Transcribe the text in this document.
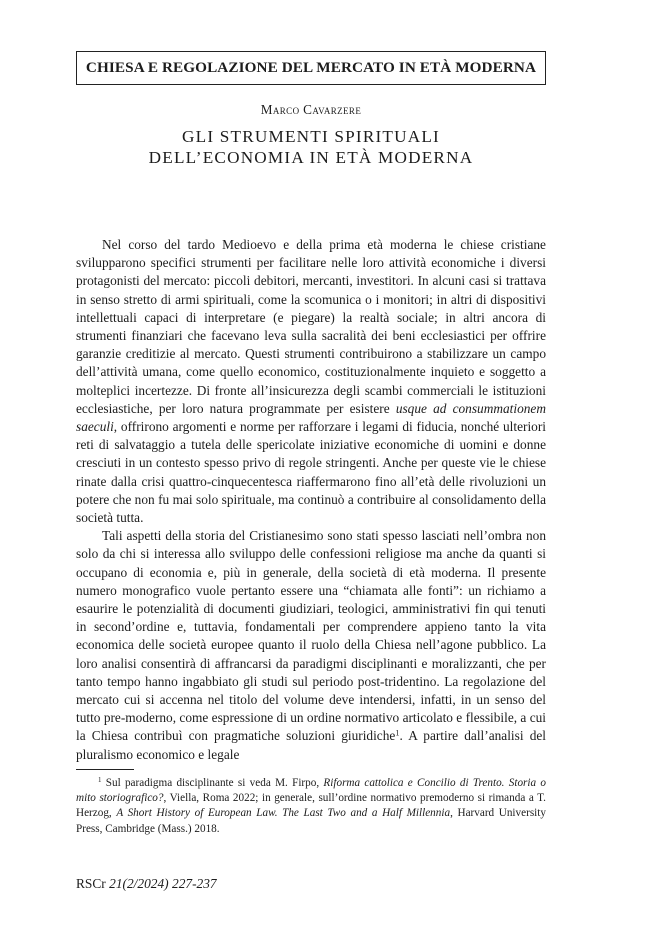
CHIESA E REGOLAZIONE DEL MERCATO IN ETÀ MODERNA
Marco Cavarzere
GLI STRUMENTI SPIRITUALI
DELL’ECONOMIA IN ETÀ MODERNA

Nel corso del tardo Medioevo e della prima età moderna le chiese cristiane svilupparono specifici strumenti per facilitare nelle loro attività economiche i diversi protagonisti del mercato: piccoli debitori, mercanti, investitori. In alcuni casi si trattava in senso stretto di armi spirituali, come la scomunica o i monitori; in altri di dispositivi intellettuali capaci di interpretare (e piegare) la realtà sociale; in altri ancora di strumenti finanziari che facevano leva sulla sacralità dei beni ecclesiastici per offrire garanzie creditizie al mercato. Questi strumenti contribuirono a stabilizzare un campo dell’attività umana, come quello economico, costituzionalmente inquieto e soggetto a molteplici incertezze. Di fronte all’insicurezza degli scambi commerciali le istituzioni ecclesiastiche, per loro natura programmate per esistere usque ad consummationem saeculi, offrirono argomenti e norme per rafforzare i legami di fiducia, nonché ulteriori reti di salvataggio a tutela delle spericolate iniziative economiche di uomini e donne cresciuti in un contesto spesso privo di regole stringenti. Anche per queste vie le chiese rinate dalla crisi quattro-cinquecentesca riaffermarono fino all’età delle rivoluzioni un potere che non fu mai solo spirituale, ma continuò a contribuire al consolidamento della società tutta.

Tali aspetti della storia del Cristianesimo sono stati spesso lasciati nell’ombra non solo da chi si interessa allo sviluppo delle confessioni religiose ma anche da quanti si occupano di economia e, più in generale, della società di età moderna. Il presente numero monografico vuole pertanto essere una “chiamata alle fonti”: un richiamo a esaurire le potenzialità di documenti giudiziari, teologici, amministrativi fin qui tenuti in second’ordine e, tuttavia, fondamentali per comprendere appieno tanto la vita economica delle società europee quanto il ruolo della Chiesa nell’agone pubblico. La loro analisi consentirà di affrancarsi da paradigmi disciplinanti e moralizzanti, che per tanto tempo hanno ingabbiato gli studi sul periodo post-tridentino. La regolazione del mercato cui si accenna nel titolo del volume deve intendersi, infatti, in un senso del tutto pre-moderno, come espressione di un ordine normativo articolato e flessibile, a cui la Chiesa contribuì con pragmatiche soluzioni giuridiche$^1$. A partire dall’analisi del pluralismo economico e legale

$^1$ Sul paradigma disciplinante si veda M. Firpo, Riforma cattolica e Concilio di Trento. Storia o mito storiografico?, Viella, Roma 2022; in generale, sull’ordine normativo premoderno si rimanda a T. Herzog, A Short History of European Law. The Last Two and a Half Millennia, Harvard University Press, Cambridge (Mass.) 2018.

RSCr 21(2/2024) 227-237
